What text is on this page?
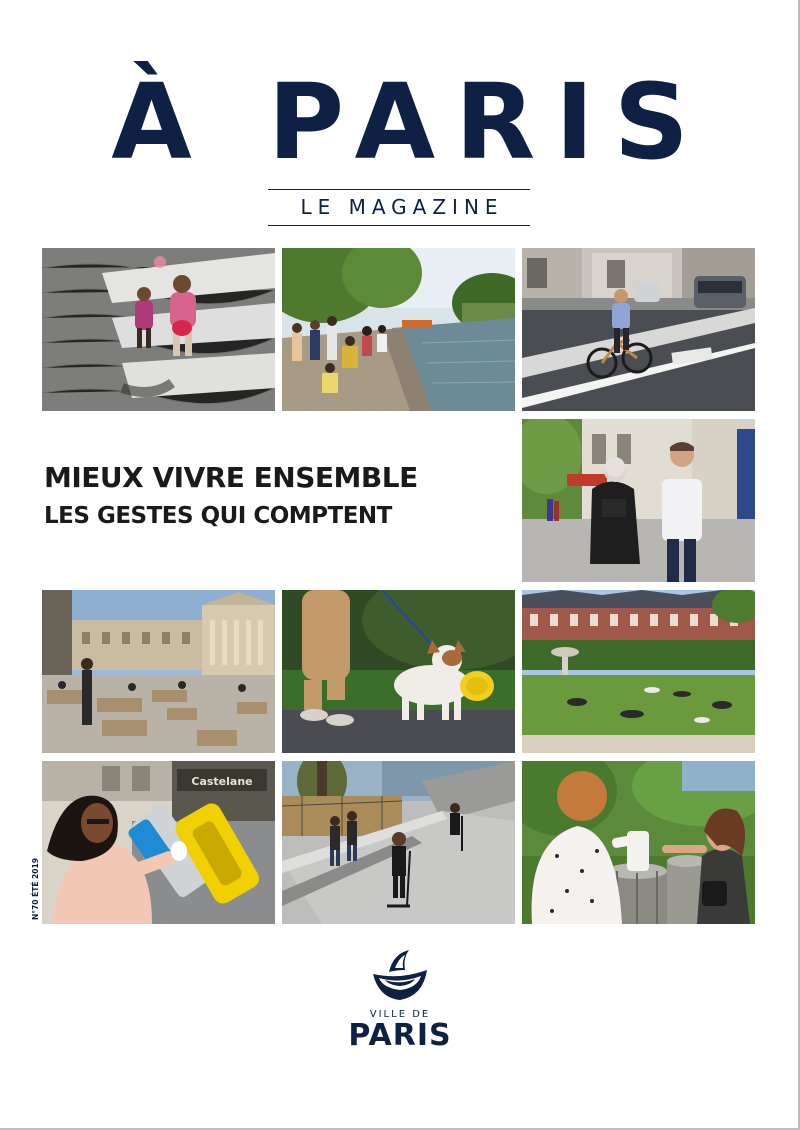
À PARIS
LE MAGAZINE
MIEUX VIVRE ENSEMBLE
LES GESTES QUI COMPTENT
Castelane
N°70 ÉTÉ 2019
VILLE DE
PARIS
